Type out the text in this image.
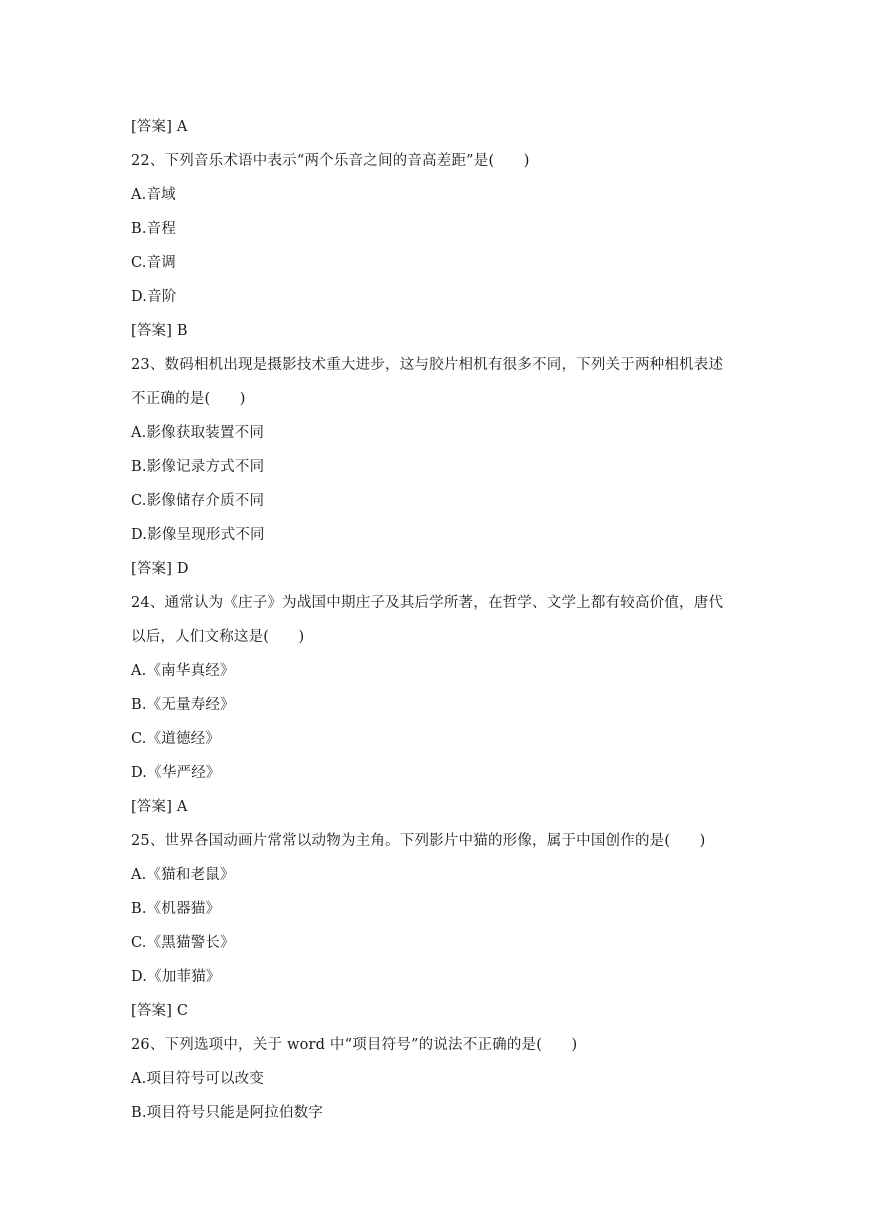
[答案] A
22、下列音乐术语中表示“两个乐音之间的音高差距”是(　　)
A.音域
B.音程
C.音调
D.音阶
[答案] B
23、数码相机出现是摄影技术重大进步，这与胶片相机有很多不同，下列关于两种相机表述
不正确的是(　　)
A.影像获取装置不同
B.影像记录方式不同
C.影像储存介质不同
D.影像呈现形式不同
[答案] D
24、通常认为《庄子》为战国中期庄子及其后学所著，在哲学、文学上都有较高价值，唐代
以后，人们文称这是(　　)
A.《南华真经》
B.《无量寿经》
C.《道德经》
D.《华严经》
[答案] A
25、世界各国动画片常常以动物为主角。下列影片中猫的形像，属于中国创作的是(　　)
A.《猫和老鼠》
B.《机器猫》
C.《黑猫警长》
D.《加菲猫》
[答案] C
26、下列选项中，关于 word 中“项目符号”的说法不正确的是(　　)
A.项目符号可以改变
B.项目符号只能是阿拉伯数字
